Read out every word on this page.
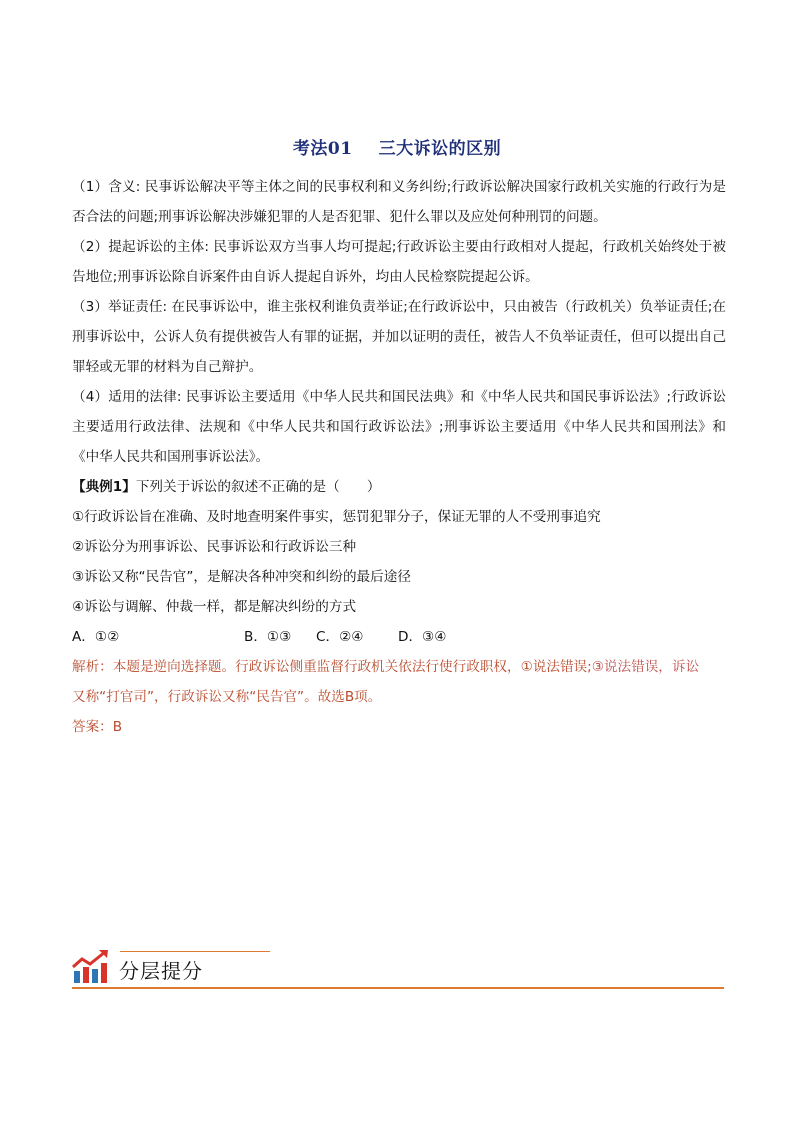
考法01 三大诉讼的区别

（1）含义: 民事诉讼解决平等主体之间的民事权利和义务纠纷;行政诉讼解决国家行政机关实施的行政行为是否合法的问题;刑事诉讼解决涉嫌犯罪的人是否犯罪、犯什么罪以及应处何种刑罚的问题。

（2）提起诉讼的主体: 民事诉讼双方当事人均可提起;行政诉讼主要由行政相对人提起，行政机关始终处于被告地位;刑事诉讼除自诉案件由自诉人提起自诉外，均由人民检察院提起公诉。

（3）举证责任: 在民事诉讼中，谁主张权利谁负责举证;在行政诉讼中，只由被告（行政机关）负举证责任;在刑事诉讼中，公诉人负有提供被告人有罪的证据，并加以证明的责任，被告人不负举证责任，但可以提出自己罪轻或无罪的材料为自己辩护。

（4）适用的法律: 民事诉讼主要适用《中华人民共和国民法典》和《中华人民共和国民事诉讼法》;行政诉讼主要适用行政法律、法规和《中华人民共和国行政诉讼法》;刑事诉讼主要适用《中华人民共和国刑法》和《中华人民共和国刑事诉讼法》。

【典例1】下列关于诉讼的叙述不正确的是（　　）

①行政诉讼旨在准确、及时地查明案件事实，惩罚犯罪分子，保证无罪的人不受刑事追究

②诉讼分为刑事诉讼、民事诉讼和行政诉讼三种

③诉讼又称“民告官”，是解决各种冲突和纠纷的最后途径

④诉讼与调解、仲裁一样，都是解决纠纷的方式

A．①②	B．①③ C．②④	D．③④

解析：本题是逆向选择题。行政诉讼侧重监督行政机关依法行使行政职权，①说法错误;③说法错误，诉讼
又称“打官司”，行政诉讼又称“民告官”。故选B项。

答案：B

分层提分
